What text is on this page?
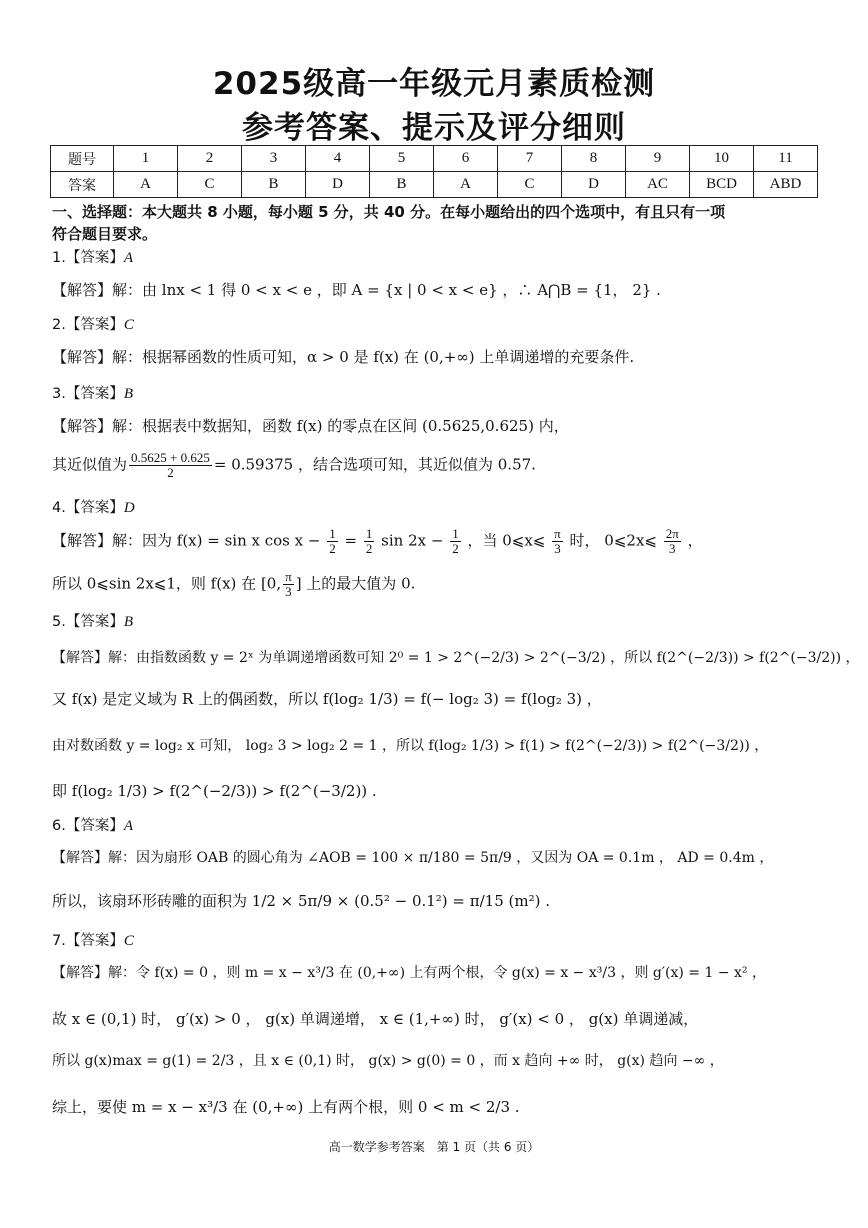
2025级高一年级元月素质检测
参考答案、提示及评分细则
题号	1	2	3	4	5	6	7	8	9	10	11
答案	A	C	B	D	B	A	C	D	AC	BCD	ABD
一、选择题：本大题共 8 小题，每小题 5 分，共 40 分。在每小题给出的四个选项中，有且只有一项
符合题目要求。
1.【答案】A
【解答】解：由 lnx < 1 得 0 < x < e ，即 A = {x | 0 < x < e} ，∴ A⋂B = {1， 2} .
2.【答案】C
【解答】解：根据幂函数的性质可知，α > 0 是 f(x) 在 (0,+∞) 上单调递增的充要条件.
3.【答案】B
【解答】解：根据表中数据知，函数 f(x) 的零点在区间 (0.5625,0.625) 内，
其近似值为 $\frac{0.5625 + 0.625}{2} = 0.59375$ ，结合选项可知，其近似值为 0.57.
4.【答案】D
【解答】解：因为 f(x) = sin x $\cos x - \frac{1}{2} = \frac{1}{2}$ $\sin 2x - \frac{1}{2}$ ，当 0⩽x⩽ $\frac{\pi}{3}$ 时， 0⩽2x⩽ $\frac{2\pi}{3}$ ，
所以 0⩽sin 2x⩽1，则 f(x) 在 [0, $\frac{\pi}{3}$ ] 上的最大值为 0.
5.【答案】B
【解答】解：由指数函数 y = 2ˣ 为单调递增函数可知 2⁰ = 1 > 2^(−2/3) > 2^(−3/2) ，所以 f(2^(−2/3)) > f(2^(−3/2)) ，
又 f(x) 是定义域为 R 上的偶函数，所以 f(log₂ 1/3) = f(− log₂ 3) = f(log₂ 3) ，
由对数函数 y = log₂ x 可知， log₂ 3 > log₂ 2 = 1 ，所以 f(log₂ 1/3) > f(1) > f(2^(−2/3)) > f(2^(−3/2)) ，
即 f(log₂ 1/3) > f(2^(−2/3)) > f(2^(−3/2)) .
6.【答案】A
【解答】解：因为扇形 OAB 的圆心角为 ∠AOB = 100 × π/180 = 5π/9 ，又因为 OA = 0.1m ， AD = 0.4m ，
所以，该扇环形砖雕的面积为 1/2 × 5π/9 × (0.5² − 0.1²) = π/15 (m²) .
7.【答案】C
【解答】解：令 f(x) = 0 ，则 m = x − x³/3 在 (0,+∞) 上有两个根，令 g(x) = x − x³/3 ，则 g′(x) = 1 − x² ，
故 x ∈ (0,1) 时， g′(x) > 0 ， g(x) 单调递增， x ∈ (1,+∞) 时， g′(x) < 0 ， g(x) 单调递减，
所以 g(x)max = g(1) = 2/3 ，且 x ∈ (0,1) 时， g(x) > g(0) = 0 ，而 x 趋向 +∞ 时， g(x) 趋向 −∞ ，
综上，要使 m = x − x³/3 在 (0,+∞) 上有两个根，则 0 < m < 2/3 .
高一数学参考答案　第 1 页（共 6 页）
